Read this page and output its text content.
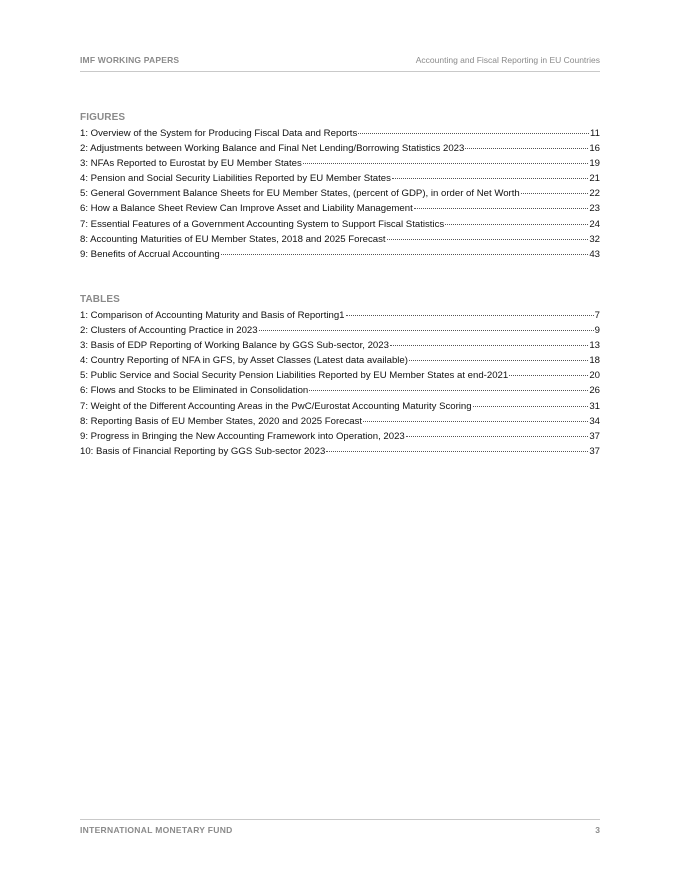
IMF WORKING PAPERS	Accounting and Fiscal Reporting in EU Countries
FIGURES
1: Overview of the System for Producing Fiscal Data and Reports	11
2: Adjustments between Working Balance and Final Net Lending/Borrowing Statistics 2023	16
3: NFAs Reported to Eurostat by EU Member States	19
4: Pension and Social Security Liabilities Reported by EU Member States	21
5: General Government Balance Sheets for EU Member States, (percent of GDP), in order of Net Worth	22
6: How a Balance Sheet Review Can Improve Asset and Liability Management	23
7: Essential Features of a Government Accounting System to Support Fiscal Statistics	24
8: Accounting Maturities of EU Member States, 2018 and 2025 Forecast	32
9: Benefits of Accrual Accounting	43
TABLES
1: Comparison of Accounting Maturity and Basis of Reporting1	7
2: Clusters of Accounting Practice in 2023	9
3: Basis of EDP Reporting of Working Balance by GGS Sub-sector, 2023	13
4: Country Reporting of NFA in GFS, by Asset Classes (Latest data available)	18
5: Public Service and Social Security Pension Liabilities Reported by EU Member States at end-2021	20
6: Flows and Stocks to be Eliminated in Consolidation	26
7: Weight of the Different Accounting Areas in the PwC/Eurostat Accounting Maturity Scoring	31
8: Reporting Basis of EU Member States, 2020 and 2025 Forecast	34
9: Progress in Bringing the New Accounting Framework into Operation, 2023	37
10: Basis of Financial Reporting by GGS Sub-sector 2023	37
INTERNATIONAL MONETARY FUND	3
